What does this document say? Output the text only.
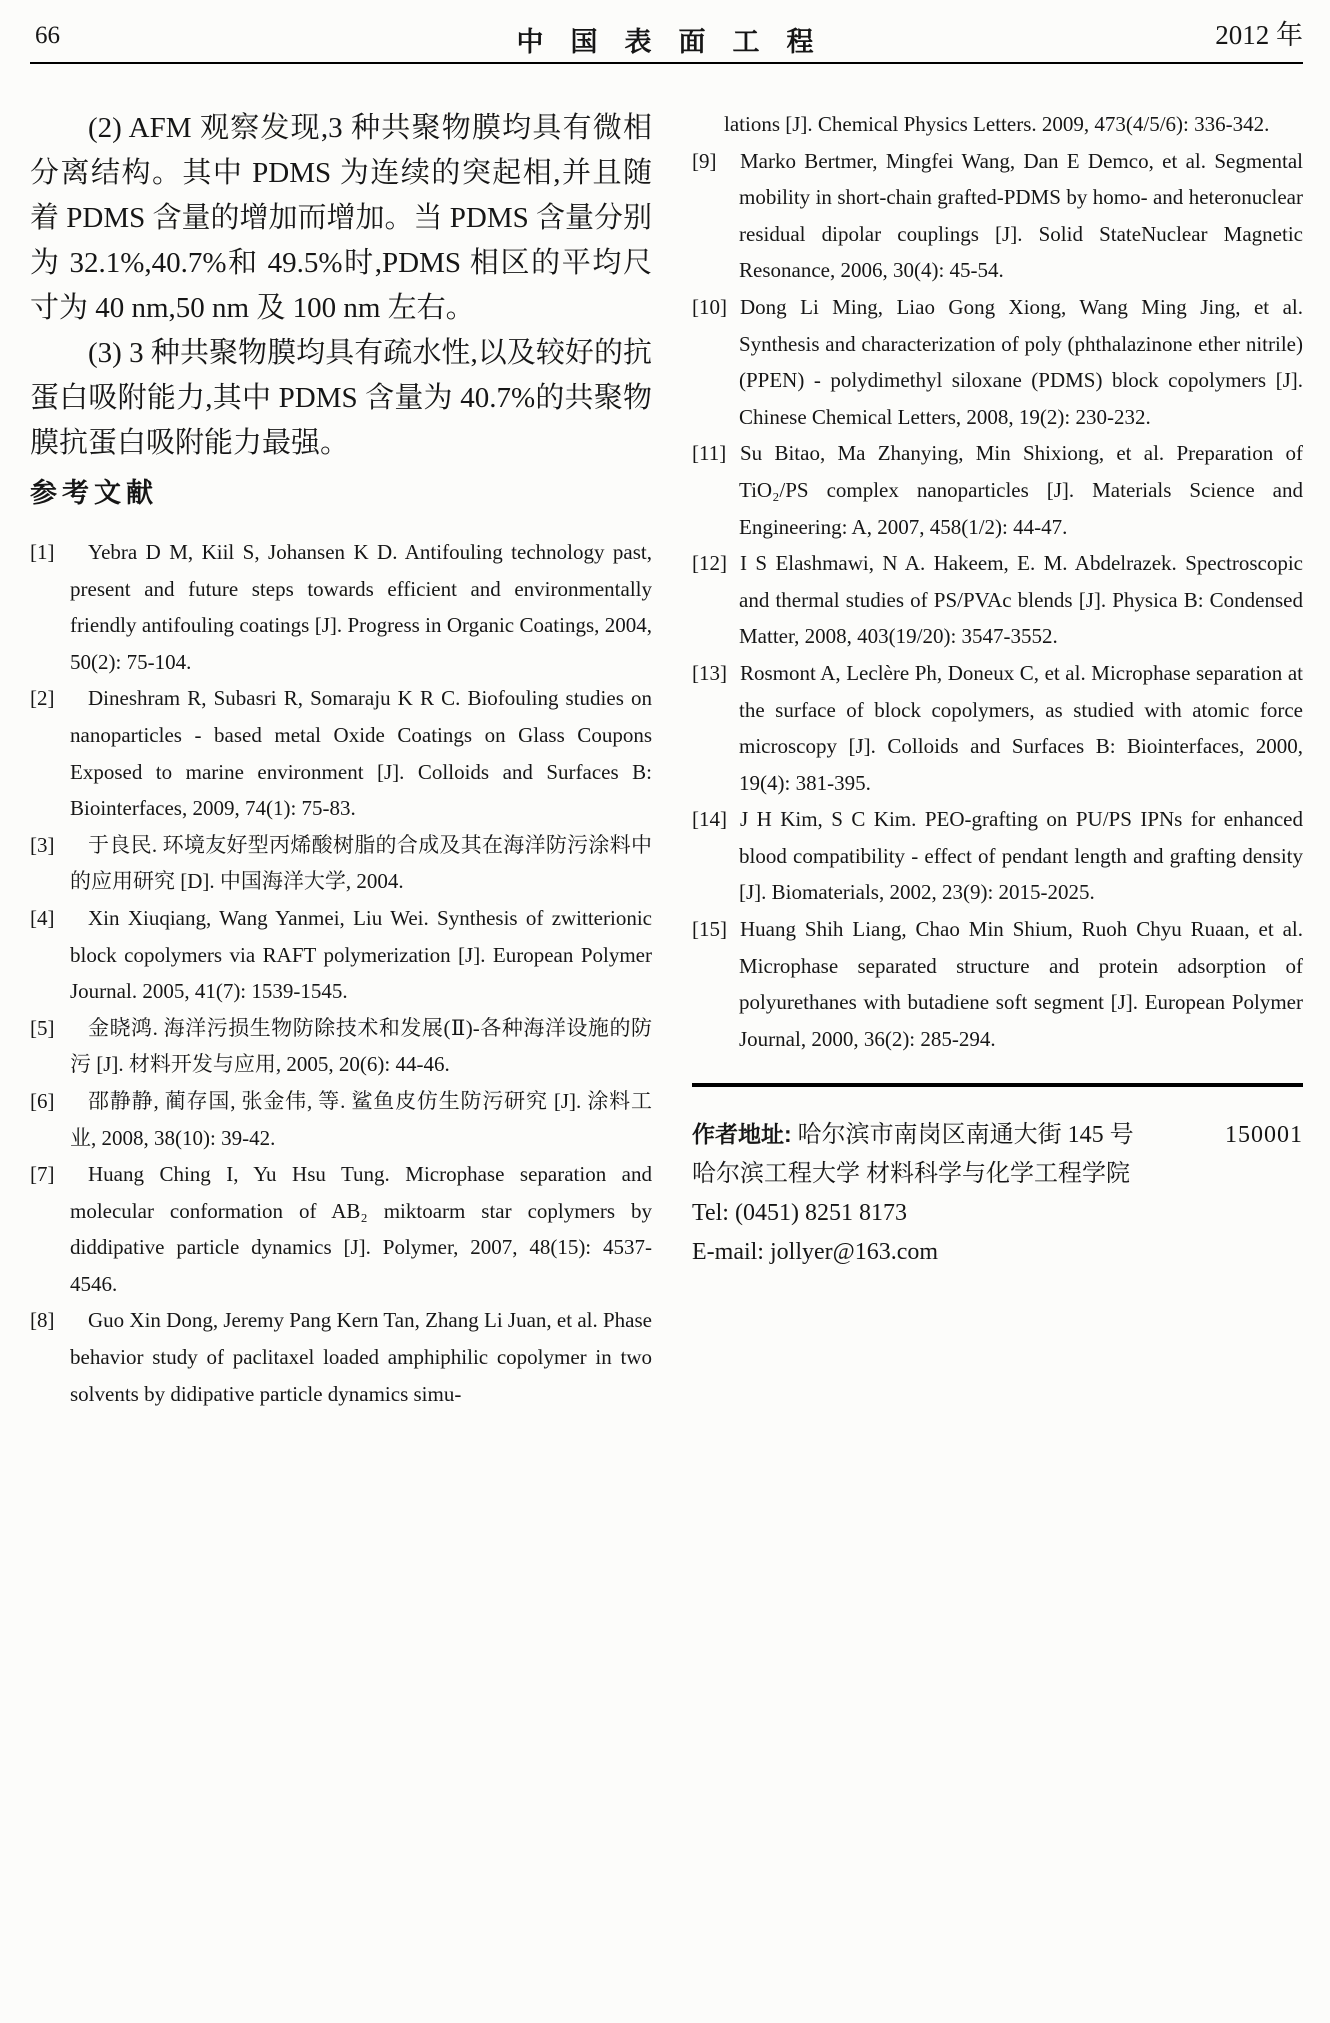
66	中国表面工程	2012 年

(2) AFM 观察发现,3 种共聚物膜均具有微相分离结构。其中 PDMS 为连续的突起相,并且随着 PDMS 含量的增加而增加。当 PDMS 含量分别为 32.1%,40.7%和 49.5%时,PDMS 相区的平均尺寸为 40 nm,50 nm 及 100 nm 左右。

(3) 3 种共聚物膜均具有疏水性,以及较好的抗蛋白吸附能力,其中 PDMS 含量为 40.7%的共聚物膜抗蛋白吸附能力最强。

参考文献
[1] Yebra D M, Kiil S, Johansen K D. Antifouling technology past, present and future steps towards efficient and environmentally friendly antifouling coatings [J]. Progress in Organic Coatings, 2004, 50(2): 75-104.
[2] Dineshram R, Subasri R, Somaraju K R C. Biofouling studies on nanoparticles - based metal Oxide Coatings on Glass Coupons Exposed to marine environment [J]. Colloids and Surfaces B: Biointerfaces, 2009, 74(1): 75-83.
[3] 于良民. 环境友好型丙烯酸树脂的合成及其在海洋防污涂料中的应用研究 [D]. 中国海洋大学, 2004.
[4] Xin Xiuqiang, Wang Yanmei, Liu Wei. Synthesis of zwitterionic block copolymers via RAFT polymerization [J]. European Polymer Journal. 2005, 41(7): 1539-1545.
[5] 金晓鸿. 海洋污损生物防除技术和发展(Ⅱ)-各种海洋设施的防污 [J]. 材料开发与应用, 2005, 20(6): 44-46.
[6] 邵静静, 蔺存国, 张金伟, 等. 鲨鱼皮仿生防污研究 [J]. 涂料工业, 2008, 38(10): 39-42.
[7] Huang Ching I, Yu Hsu Tung. Microphase separation and molecular conformation of AB₂ miktoarm star coplymers by diddipative particle dynamics [J]. Polymer, 2007, 48(15): 4537-4546.
[8] Guo Xin Dong, Jeremy Pang Kern Tan, Zhang Li Juan, et al. Phase behavior study of paclitaxel loaded amphiphilic copolymer in two solvents by didipative particle dynamics simu-
lations [J]. Chemical Physics Letters. 2009, 473(4/5/6): 336-342.
[9] Marko Bertmer, Mingfei Wang, Dan E Demco, et al. Segmental mobility in short-chain grafted-PDMS by homo- and heteronuclear residual dipolar couplings [J]. Solid StateNuclear Magnetic Resonance, 2006, 30(4): 45-54.
[10] Dong Li Ming, Liao Gong Xiong, Wang Ming Jing, et al. Synthesis and characterization of poly (phthalazinone ether nitrile) (PPEN) - polydimethyl siloxane (PDMS) block copolymers [J]. Chinese Chemical Letters, 2008, 19(2): 230-232.
[11] Su Bitao, Ma Zhanying, Min Shixiong, et al. Preparation of TiO₂/PS complex nanoparticles [J]. Materials Science and Engineering: A, 2007, 458(1/2): 44-47.
[12] I S Elashmawi, N A. Hakeem, E. M. Abdelrazek. Spectroscopic and thermal studies of PS/PVAc blends [J]. Physica B: Condensed Matter, 2008, 403(19/20): 3547-3552.
[13] Rosmont A, Leclère Ph, Doneux C, et al. Microphase separation at the surface of block copolymers, as studied with atomic force microscopy [J]. Colloids and Surfaces B: Biointerfaces, 2000, 19(4): 381-395.
[14] J H Kim, S C Kim. PEO-grafting on PU/PS IPNs for enhanced blood compatibility - effect of pendant length and grafting density [J]. Biomaterials, 2002, 23(9): 2015-2025.
[15] Huang Shih Liang, Chao Min Shium, Ruoh Chyu Ruaan, et al. Microphase separated structure and protein adsorption of polyurethanes with butadiene soft segment [J]. European Polymer Journal, 2000, 36(2): 285-294.
作者地址: 哈尔滨市南岗区南通大街 145 号	150001
哈尔滨工程大学 材料科学与化学工程学院
Tel: (0451) 8251 8173
E-mail: jollyer@163.com
